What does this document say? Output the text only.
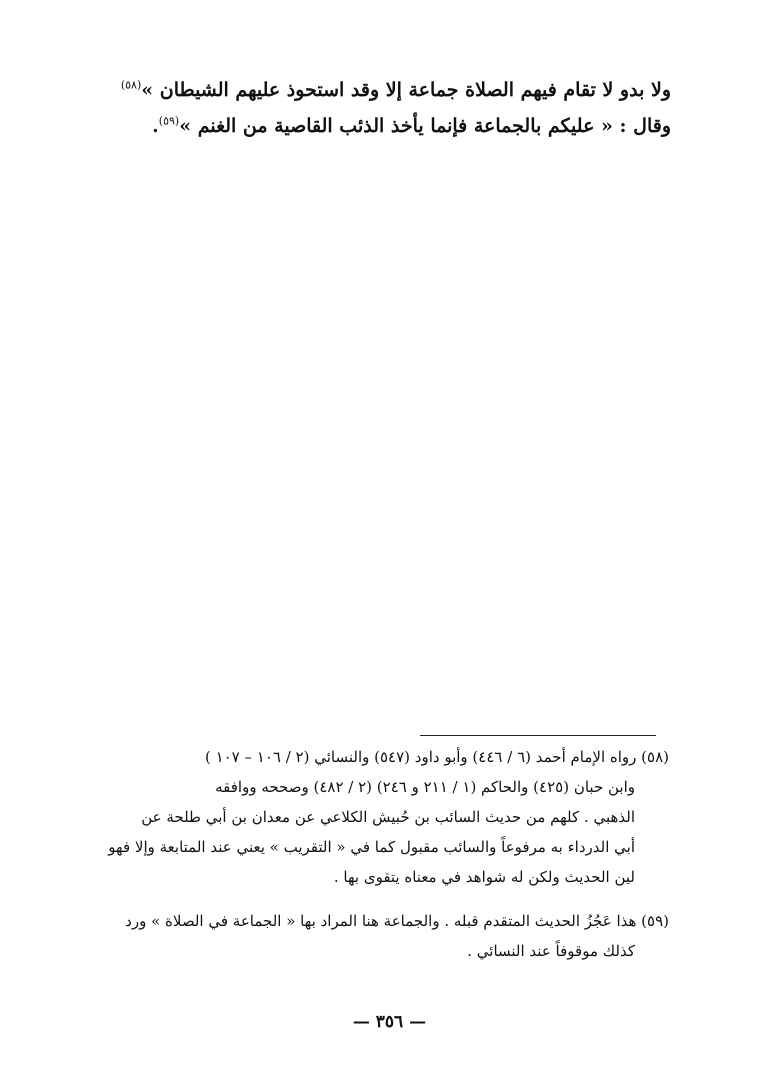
ولا بدو لا تقام فيهم الصلاة جماعة إلا وقد استحوذ عليهم الشيطان »$^{(٥٨)}$

وقال : « عليكم بالجماعة فإنما يأخذ الذئب القاصية من الغنم »$^{(٥٩)}$.

(٥٨) رواه الإمام أحمد (٦ / ٤٤٦) وأبو داود (٥٤٧) والنسائي (٢ / ١٠٦ – ١٠٧ )
وابن حبان (٤٢٥) والحاكم (١ / ٢١١ و ٢٤٦) (٢ / ٤٨٢) وصححه ووافقه
الذهبي . كلهم من حديث السائب بن حُبيش الكلاعي عن معدان بن أبي طلحة عن
أبي الدرداء به مرفوعاً والسائب مقبول كما في « التقريب » يعني عند المتابعة وإلا فهو
لين الحديث ولكن له شواهد في معناه يتقوى بها .
(٥٩) هذا عَجُزُ الحديث المتقدم قبله . والجماعة هنا المراد بها « الجماعة في الصلاة » ورد
كذلك موقوفاً عند النسائي .
— ٣٥٦ —
